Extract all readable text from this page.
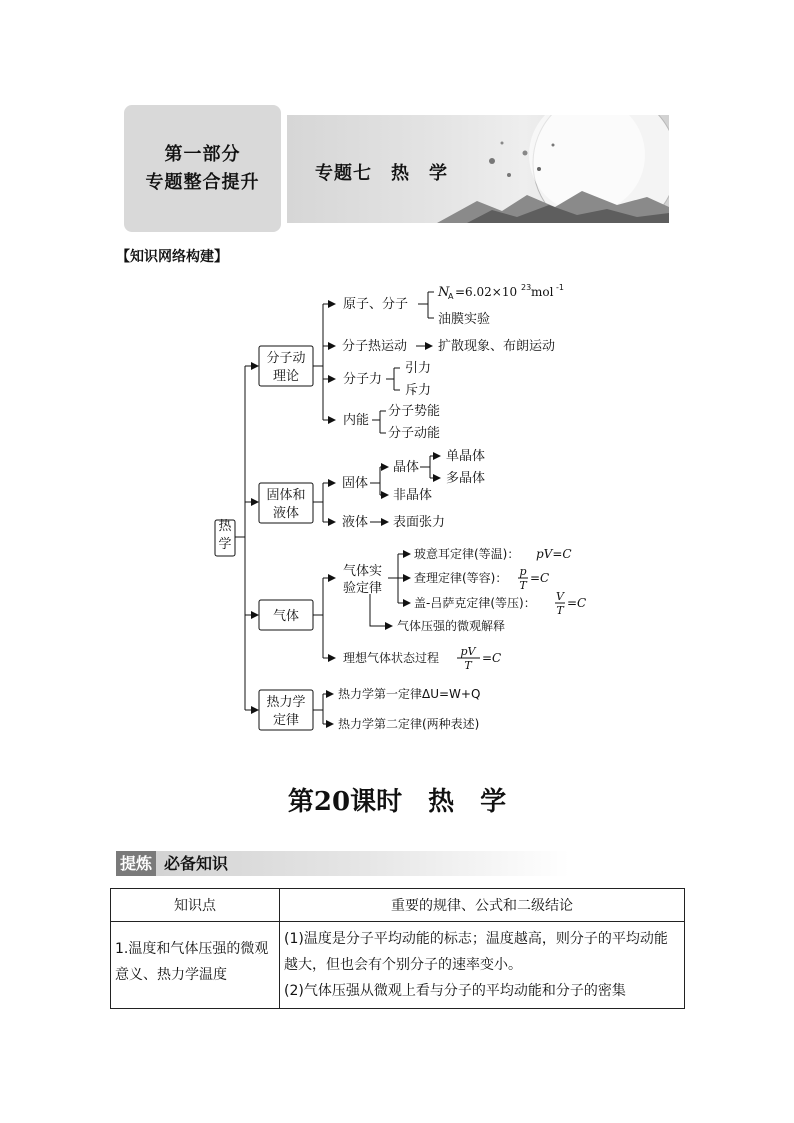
第一部分
专题整合提升	专题七　热　学
【知识网络构建】
热
学
分子动
理论
原子、分子
N
A =6.02×10 23 mol -1
油膜实验
分子热运动 扩散现象、布朗运动
分子力
引力
斥力
内能
分子势能
分子动能
固体和
液体
固体
晶体
单晶体
多晶体
非晶体
液体 表面张力
气体
气体实
验定律
玻意耳定律(等温)： pV=C
查理定律(等容)： p
T
=C
盖-吕萨克定律(等压)： V
T
=C
气体压强的微观解释
理想气体状态过程 pV
T
=C
热力学
定律
热力学第一定律ΔU=W+Q
热力学第二定律(两种表述)
第20课时　热　学
提炼 必备知识
知识点	重要的规律、公式和二级结论

1.温度和气体压强的微观意义、热力学温度	(1)温度是分子平均动能的标志；温度越高，则分子的平均动能越大，但也会有个别分子的速率变小。
(2)气体压强从微观上看与分子的平均动能和分子的密集
